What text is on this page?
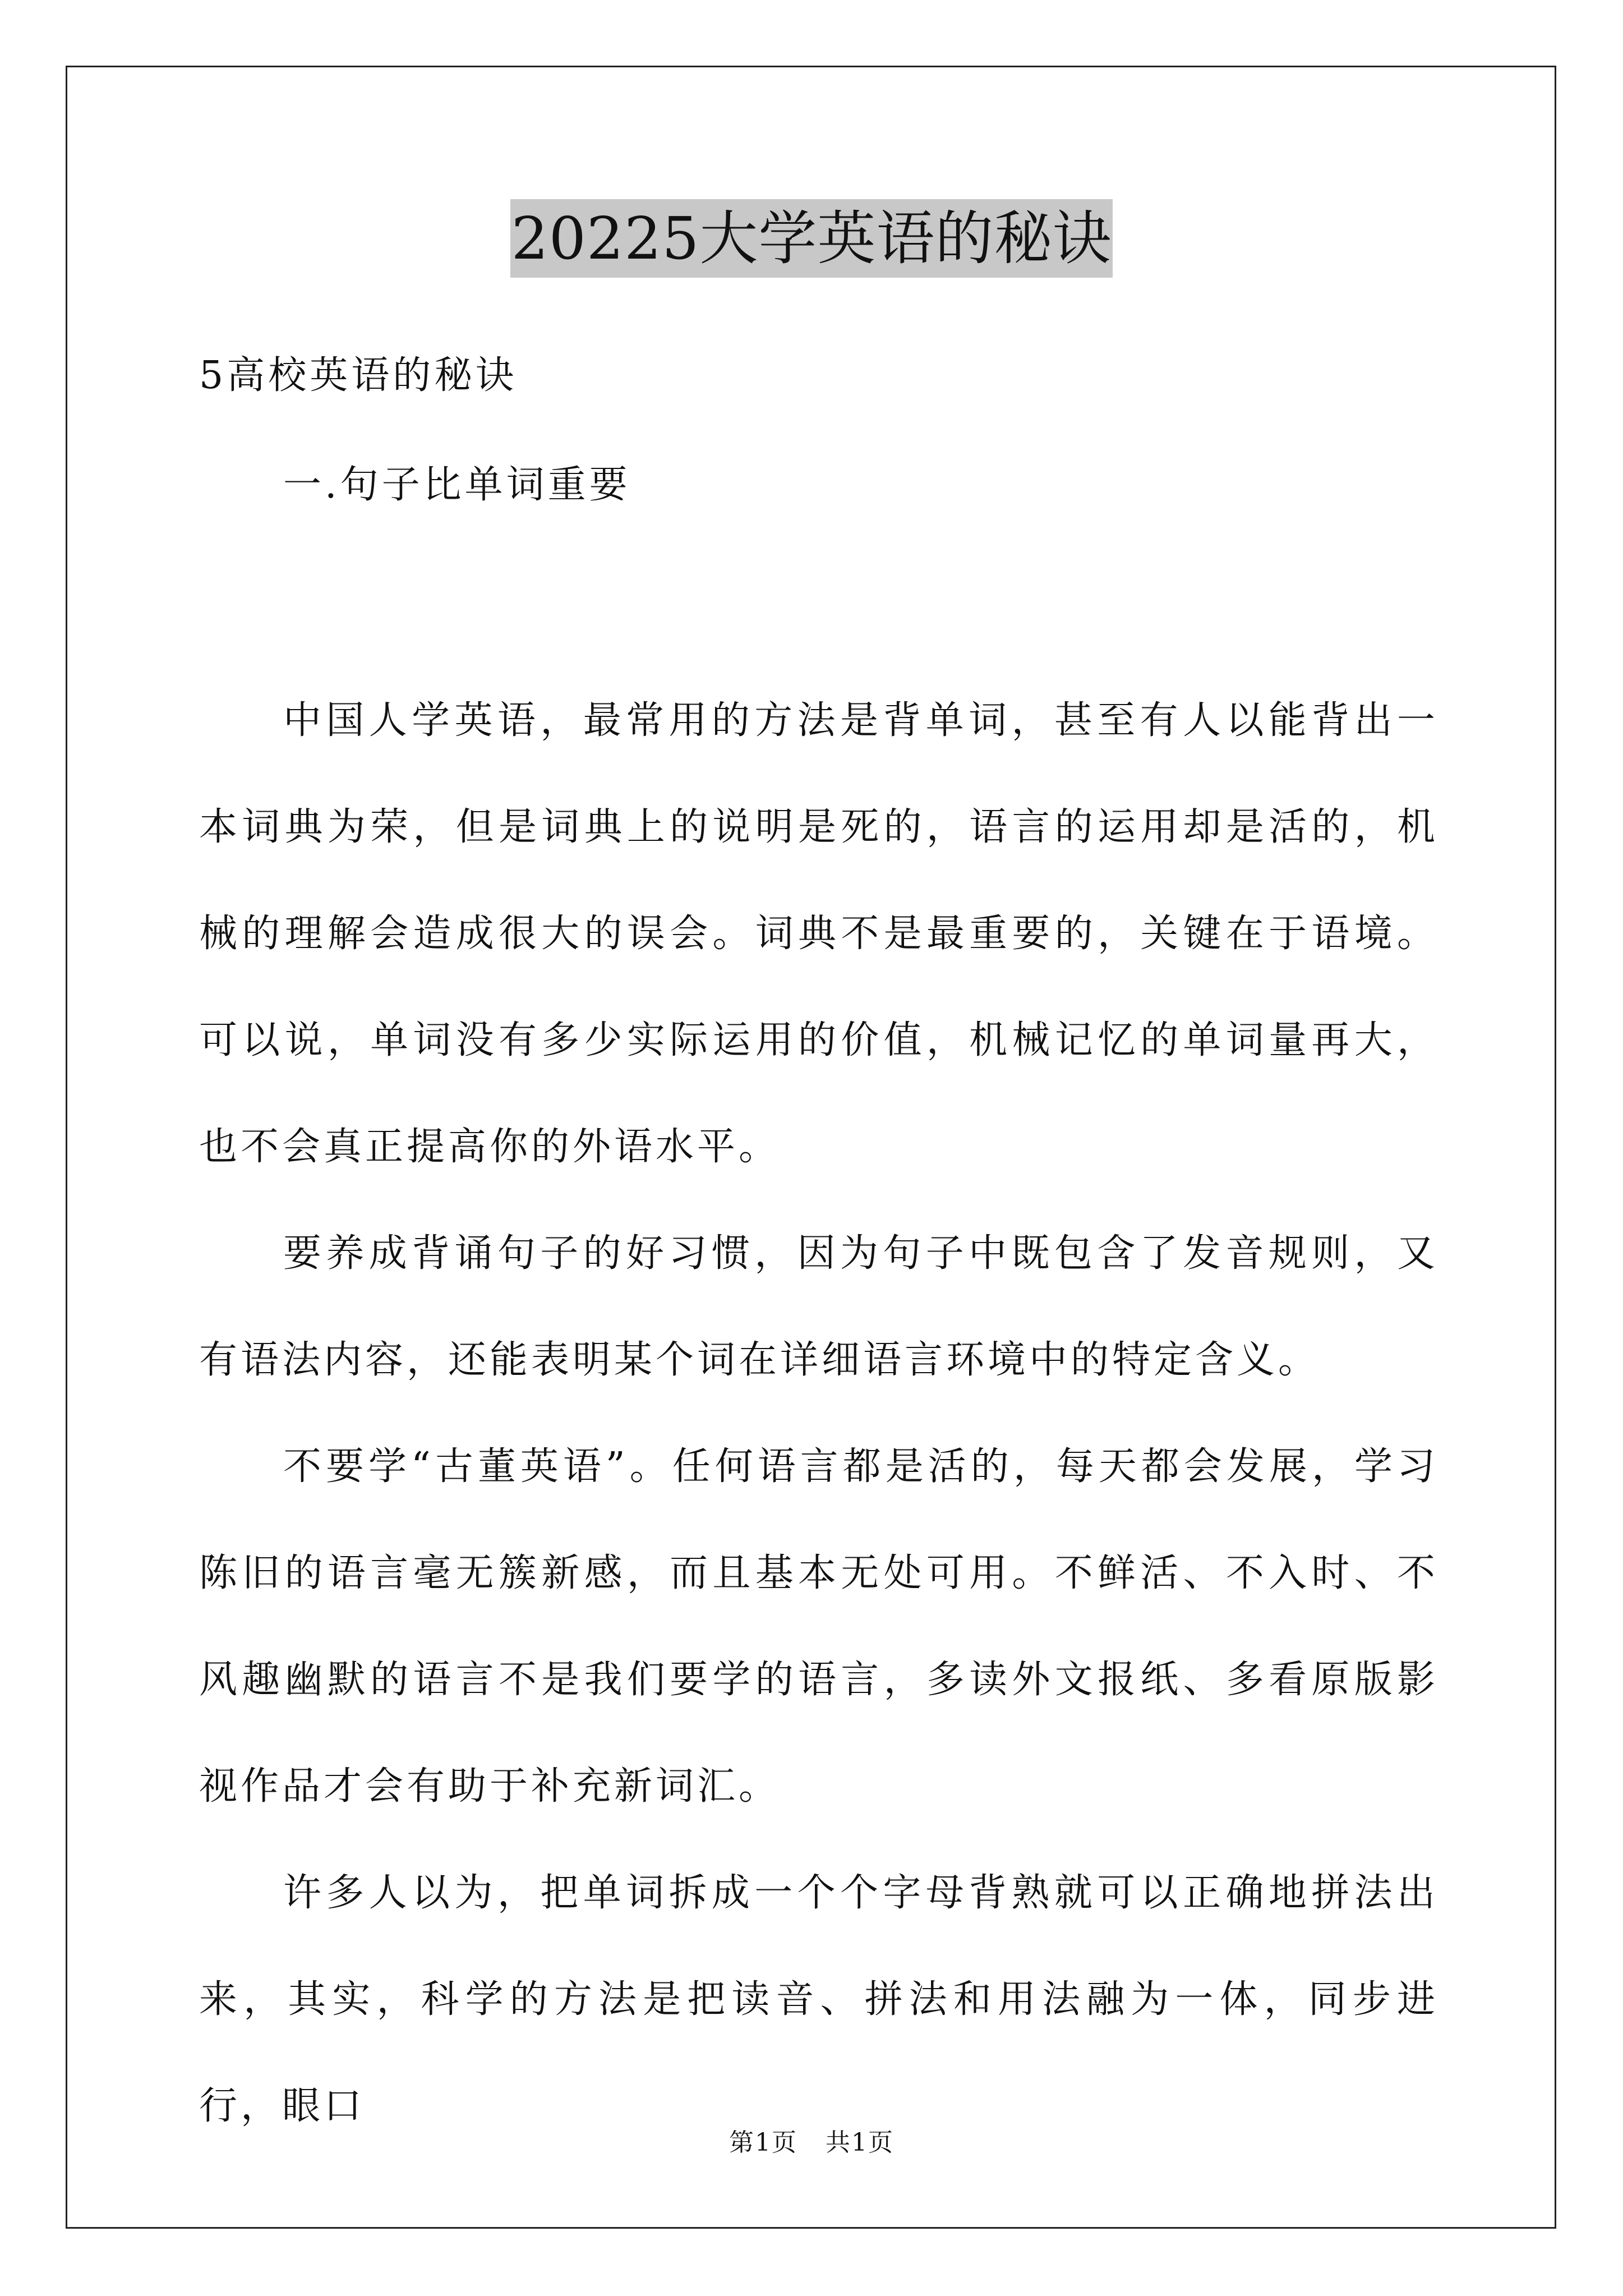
20225大学英语的秘诀
5高校英语的秘诀
一.句子比单词重要

中国人学英语，最常用的方法是背单词，甚至有人以能背出一本词典为荣，但是词典上的说明是死的，语言的运用却是活的，机械的理解会造成很大的误会。词典不是最重要的，关键在于语境。可以说，单词没有多少实际运用的价值，机械记忆的单词量再大，也不会真正提高你的外语水平。

要养成背诵句子的好习惯，因为句子中既包含了发音规则，又有语法内容，还能表明某个词在详细语言环境中的特定含义。

不要学“古董英语”。任何语言都是活的，每天都会发展，学习陈旧的语言毫无簇新感，而且基本无处可用。不鲜活、不入时、不风趣幽默的语言不是我们要学的语言，多读外文报纸、多看原版影视作品才会有助于补充新词汇。

许多人以为，把单词拆成一个个字母背熟就可以正确地拼法出来，其实，科学的方法是把读音、拼法和用法融为一体，同步进行，眼口

第1页 共1页
